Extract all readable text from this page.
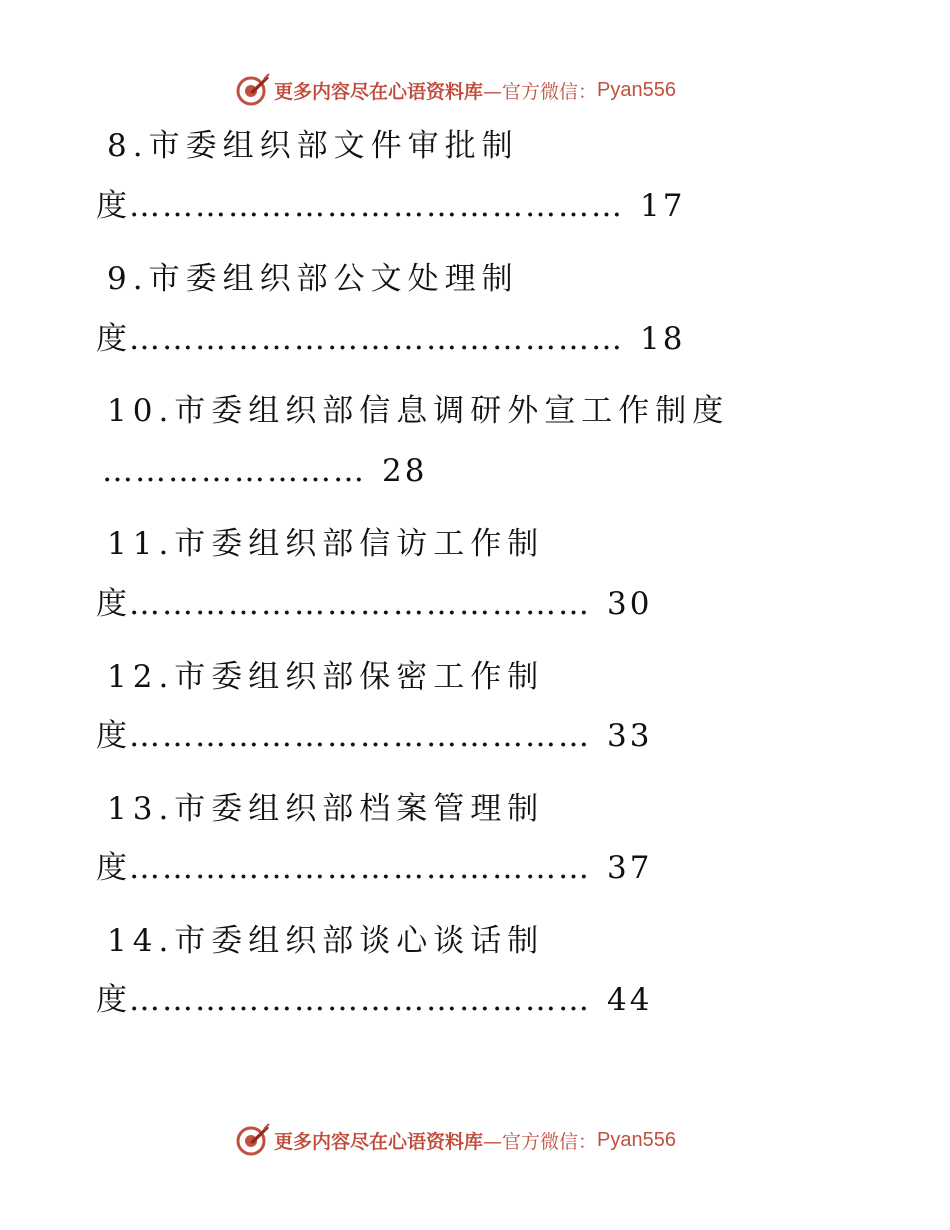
更多内容尽在心语资料库 —官方微信： Pyan556
8.市委组织部文件审批制
度……………………………………… 17
9.市委组织部公文处理制
度……………………………………… 18
10.市委组织部信息调研外宣工作制度
…………………… 28
11.市委组织部信访工作制
度…………………………………… 30
12.市委组织部保密工作制
度…………………………………… 33
13.市委组织部档案管理制
度…………………………………… 37
14.市委组织部谈心谈话制
度…………………………………… 44
更多内容尽在心语资料库 —官方微信： Pyan556
